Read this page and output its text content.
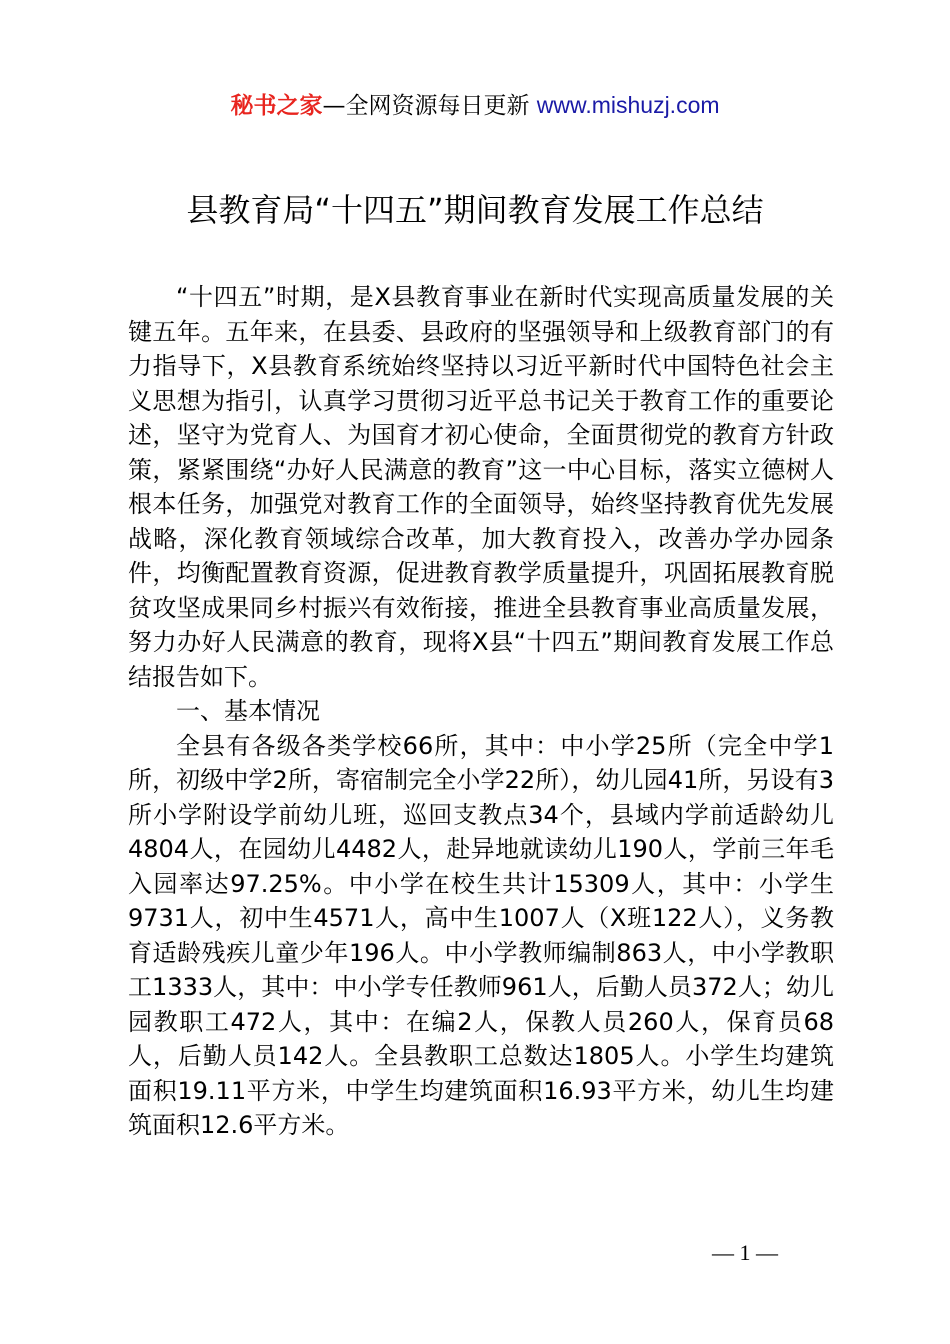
秘书之家—全网资源每日更新 www.mishuzj.com
县教育局“十四五”期间教育发展工作总结

“十四五”时期，是X县教育事业在新时代实现高质量发展的关键五年。五年来，在县委、县政府的坚强领导和上级教育部门的有力指导下，X县教育系统始终坚持以习近平新时代中国特色社会主义思想为指引，认真学习贯彻习近平总书记关于教育工作的重要论述，坚守为党育人、为国育才初心使命，全面贯彻党的教育方针政策，紧紧围绕“办好人民满意的教育”这一中心目标，落实立德树人根本任务，加强党对教育工作的全面领导，始终坚持教育优先发展战略，深化教育领域综合改革，加大教育投入，改善办学办园条件，均衡配置教育资源，促进教育教学质量提升，巩固拓展教育脱贫攻坚成果同乡村振兴有效衔接，推进全县教育事业高质量发展，努力办好人民满意的教育，现将X县“十四五”期间教育发展工作总结报告如下。

一、基本情况

全县有各级各类学校66所，其中：中小学25所（完全中学1所，初级中学2所，寄宿制完全小学22所），幼儿园41所，另设有3所小学附设学前幼儿班，巡回支教点34个，县域内学前适龄幼儿4804人，在园幼儿4482人，赴异地就读幼儿190人，学前三年毛入园率达97.25%。中小学在校生共计15309人，其中：小学生9731人，初中生4571人，高中生1007人（X班122人），义务教育适龄残疾儿童少年196人。中小学教师编制863人，中小学教职工1333人，其中：中小学专任教师961人，后勤人员372人；幼儿园教职工472人，其中：在编2人，保教人员260人，保育员68人，后勤人员142人。全县教职工总数达1805人。小学生均建筑面积19.11平方米，中学生均建筑面积16.93平方米，幼儿生均建筑面积12.6平方米。

— 1 —
